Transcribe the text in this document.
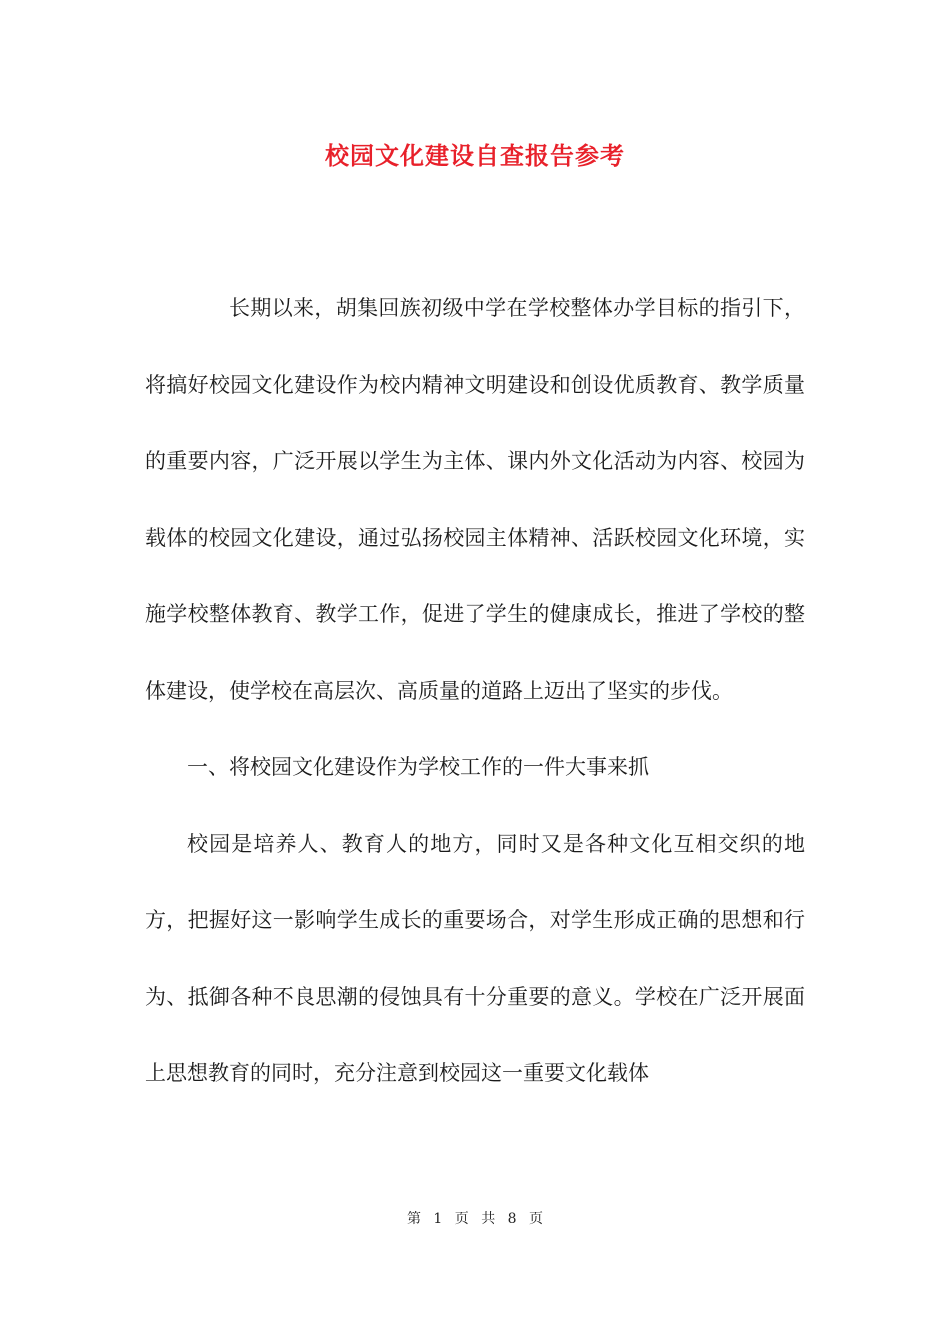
校园文化建设自查报告参考

长期以来，胡集回族初级中学在学校整体办学目标的指引下，将搞好校园文化建设作为校内精神文明建设和创设优质教育、教学质量的重要内容，广泛开展以学生为主体、课内外文化活动为内容、校园为载体的校园文化建设，通过弘扬校园主体精神、活跃校园文化环境，实施学校整体教育、教学工作，促进了学生的健康成长，推进了学校的整体建设，使学校在高层次、高质量的道路上迈出了坚实的步伐。

一、将校园文化建设作为学校工作的一件大事来抓

校园是培养人、教育人的地方，同时又是各种文化互相交织的地方，把握好这一影响学生成长的重要场合，对学生形成正确的思想和行为、抵御各种不良思潮的侵蚀具有十分重要的意义。学校在广泛开展面上思想教育的同时，充分注意到校园这一重要文化载体

第 1 页 共 8 页
